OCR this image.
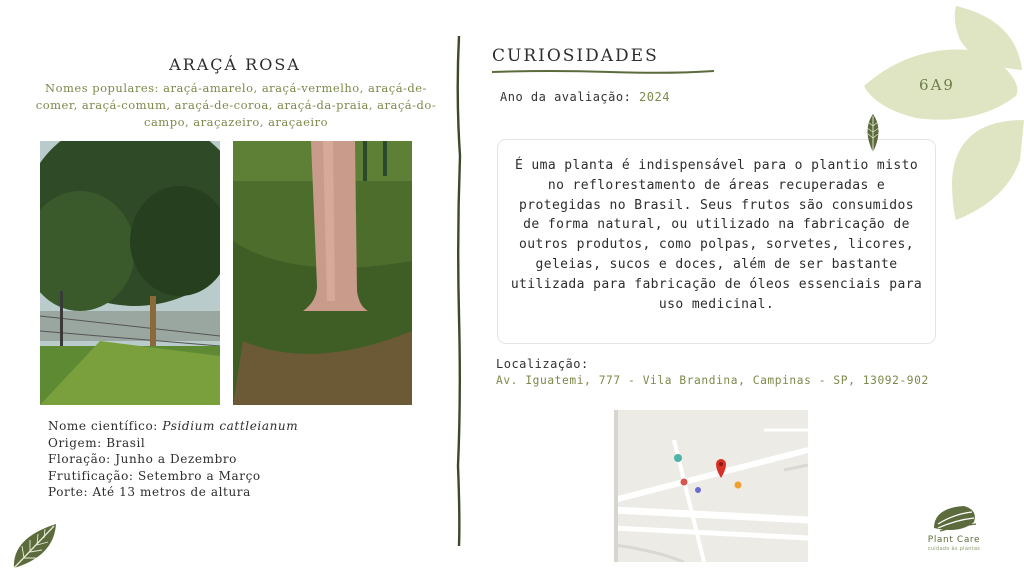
ARAÇÁ ROSA
Nomes populares: araçá-amarelo, araçá-vermelho, araçá-de-comer, araçá-comum, araçá-de-coroa, araçá-da-praia, araçá-do-campo, araçazeiro, araçaeiro
Nome científico: Psidium cattleianum
Origem: Brasil
Floração: Junho a Dezembro
Frutificação: Setembro a Março
Porte: Até 13 metros de altura
CURIOSIDADES
Ano da avaliação: 2024
É uma planta é indispensável para o plantio misto no reflorestamento de áreas recuperadas e protegidas no Brasil. Seus frutos são consumidos de forma natural, ou utilizado na fabricação de outros produtos, como polpas, sorvetes, licores, geleias, sucos e doces, além de ser bastante utilizada para fabricação de óleos essenciais para uso medicinal.
Localização:
Av. Iguatemi, 777 - Vila Brandina, Campinas - SP, 13092-902
6A9
Plant Care
cuidado às plantas
